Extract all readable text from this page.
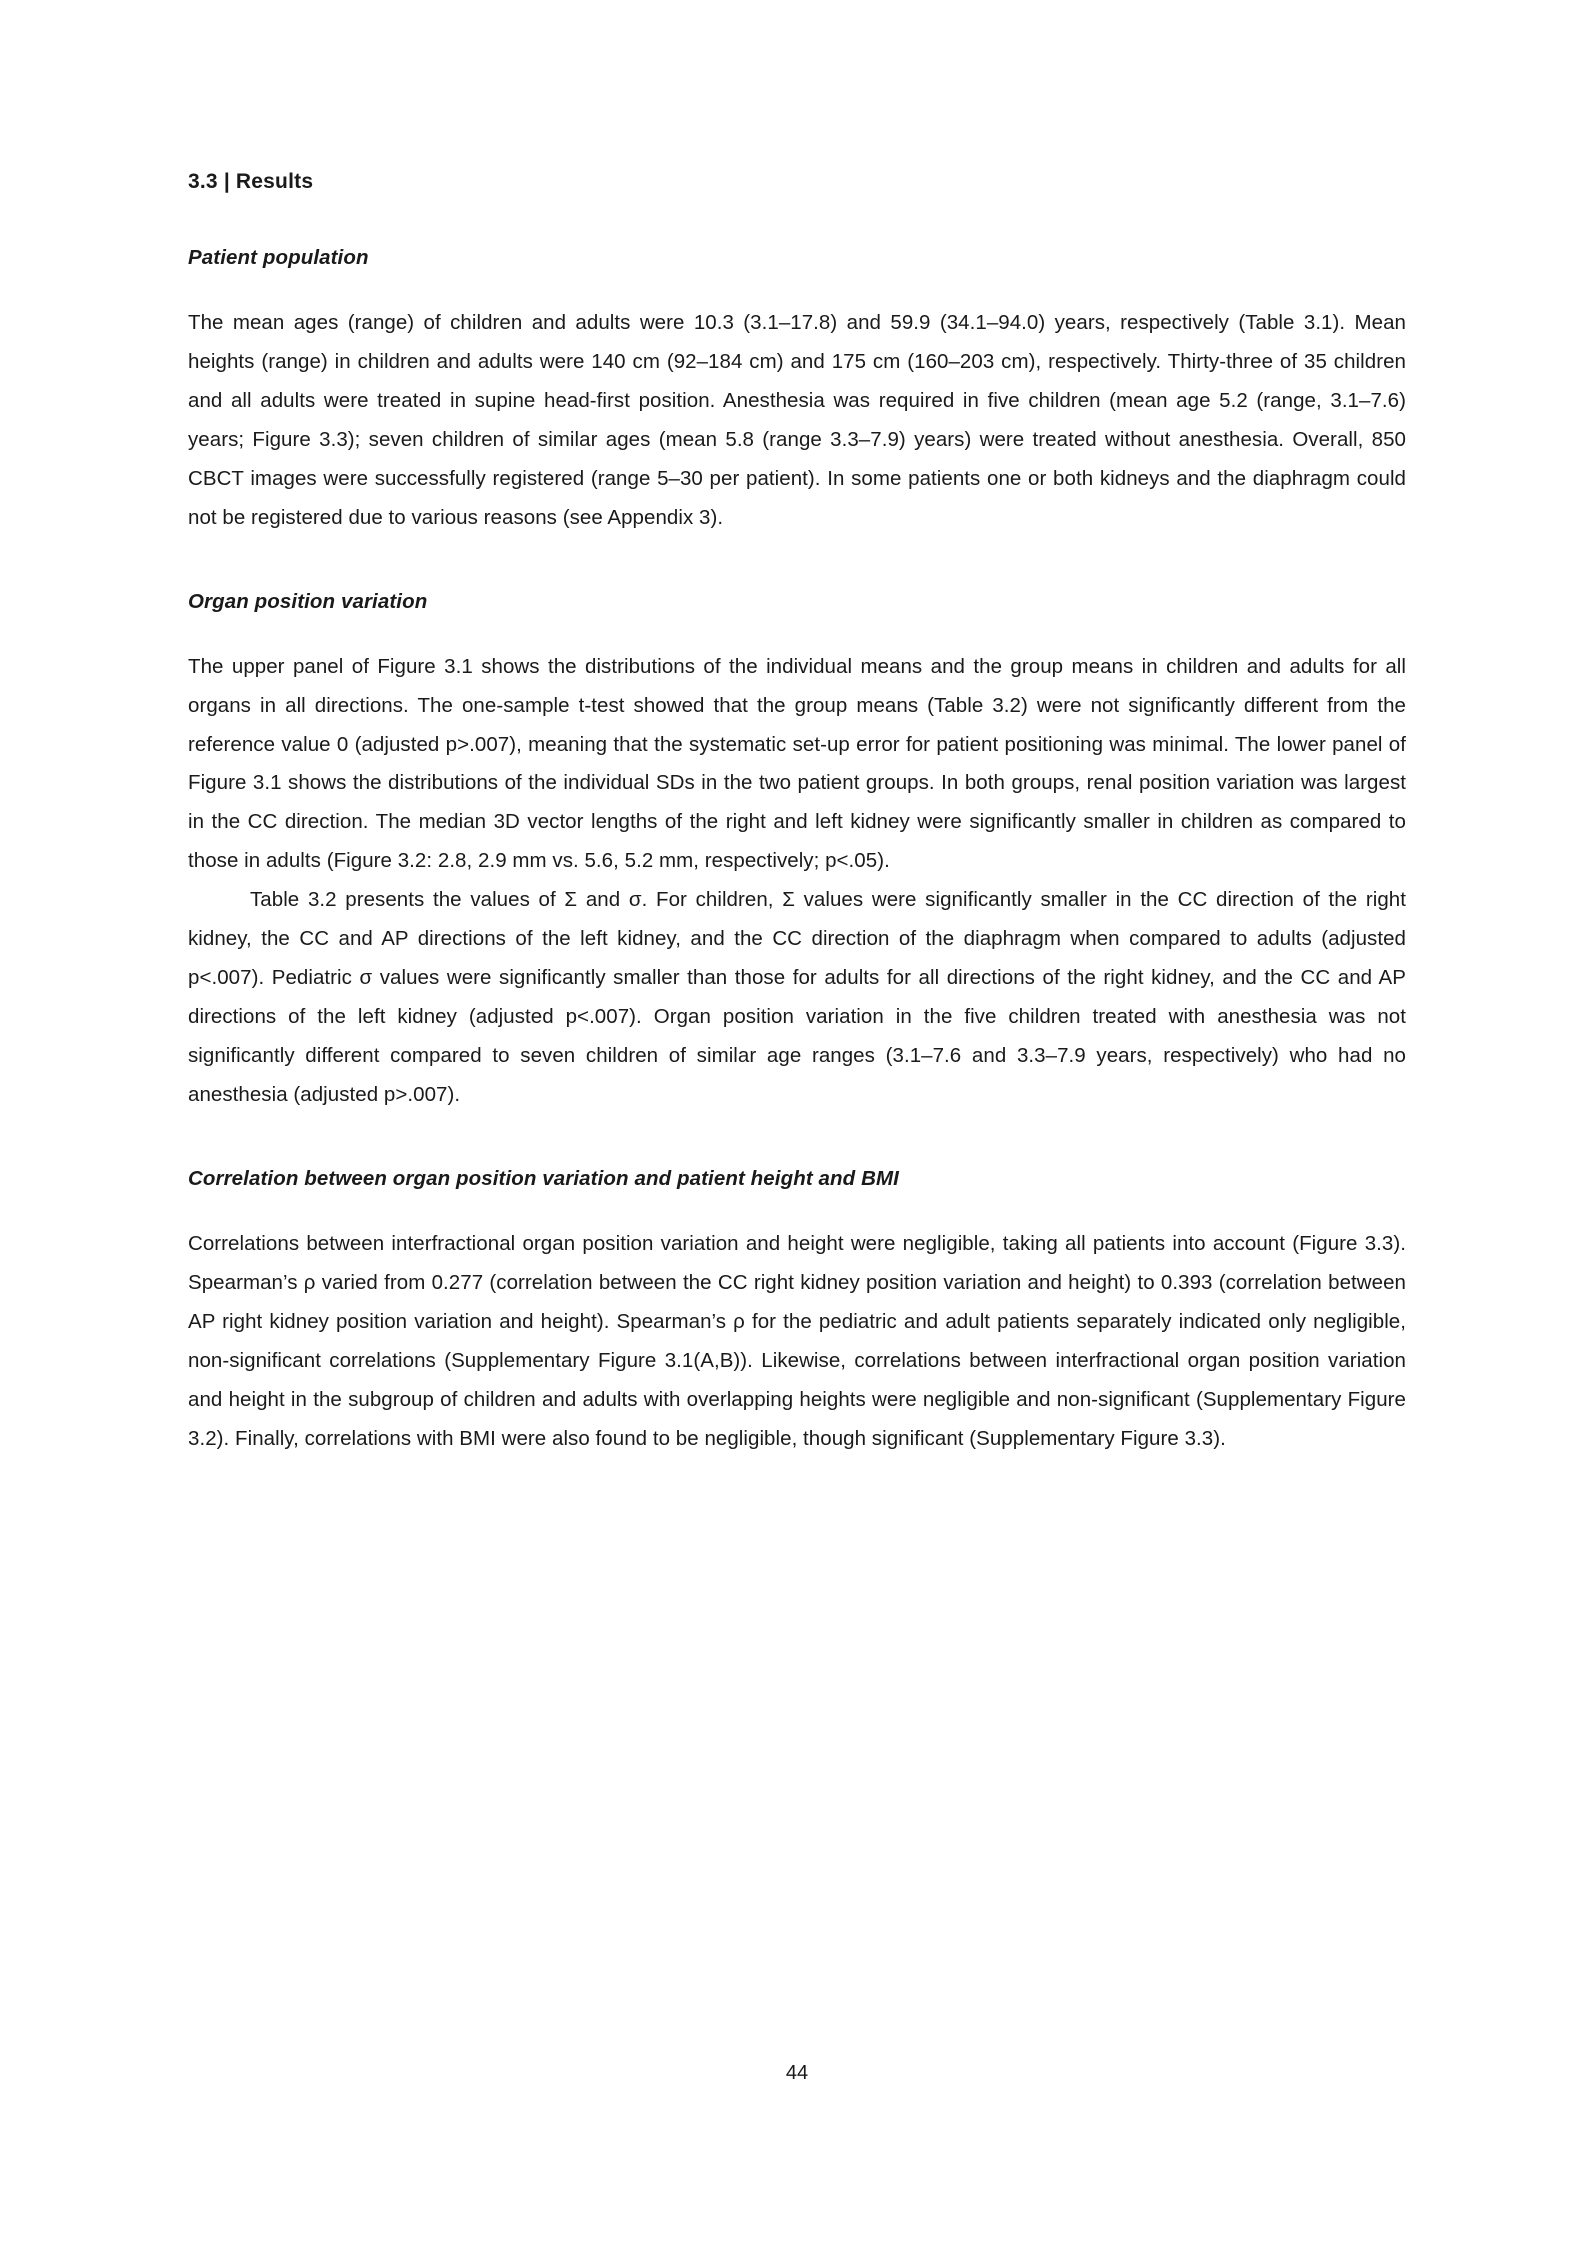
3.3 | Results
Patient population

The mean ages (range) of children and adults were 10.3 (3.1–17.8) and 59.9 (34.1–94.0) years, respectively (Table 3.1). Mean heights (range) in children and adults were 140 cm (92–184 cm) and 175 cm (160–203 cm), respectively. Thirty-three of 35 children and all adults were treated in supine head-first position. Anesthesia was required in five children (mean age 5.2 (range, 3.1–7.6) years; Figure 3.3); seven children of similar ages (mean 5.8 (range 3.3–7.9) years) were treated without anesthesia. Overall, 850 CBCT images were successfully registered (range 5–30 per patient). In some patients one or both kidneys and the diaphragm could not be registered due to various reasons (see Appendix 3).

Organ position variation

The upper panel of Figure 3.1 shows the distributions of the individual means and the group means in children and adults for all organs in all directions. The one-sample t-test showed that the group means (Table 3.2) were not significantly different from the reference value 0 (adjusted p>.007), meaning that the systematic set-up error for patient positioning was minimal. The lower panel of Figure 3.1 shows the distributions of the individual SDs in the two patient groups. In both groups, renal position variation was largest in the CC direction. The median 3D vector lengths of the right and left kidney were significantly smaller in children as compared to those in adults (Figure 3.2: 2.8, 2.9 mm vs. 5.6, 5.2 mm, respectively; p<.05).

Table 3.2 presents the values of Σ and σ. For children, Σ values were significantly smaller in the CC direction of the right kidney, the CC and AP directions of the left kidney, and the CC direction of the diaphragm when compared to adults (adjusted p<.007). Pediatric σ values were significantly smaller than those for adults for all directions of the right kidney, and the CC and AP directions of the left kidney (adjusted p<.007). Organ position variation in the five children treated with anesthesia was not significantly different compared to seven children of similar age ranges (3.1–7.6 and 3.3–7.9 years, respectively) who had no anesthesia (adjusted p>.007).

Correlation between organ position variation and patient height and BMI

Correlations between interfractional organ position variation and height were negligible, taking all patients into account (Figure 3.3). Spearman’s ρ varied from 0.277 (correlation between the CC right kidney position variation and height) to 0.393 (correlation between AP right kidney position variation and height). Spearman’s ρ for the pediatric and adult patients separately indicated only negligible, non-significant correlations (Supplementary Figure 3.1(A,B)). Likewise, correlations between interfractional organ position variation and height in the subgroup of children and adults with overlapping heights were negligible and non-significant (Supplementary Figure 3.2). Finally, correlations with BMI were also found to be negligible, though significant (Supplementary Figure 3.3).

44
